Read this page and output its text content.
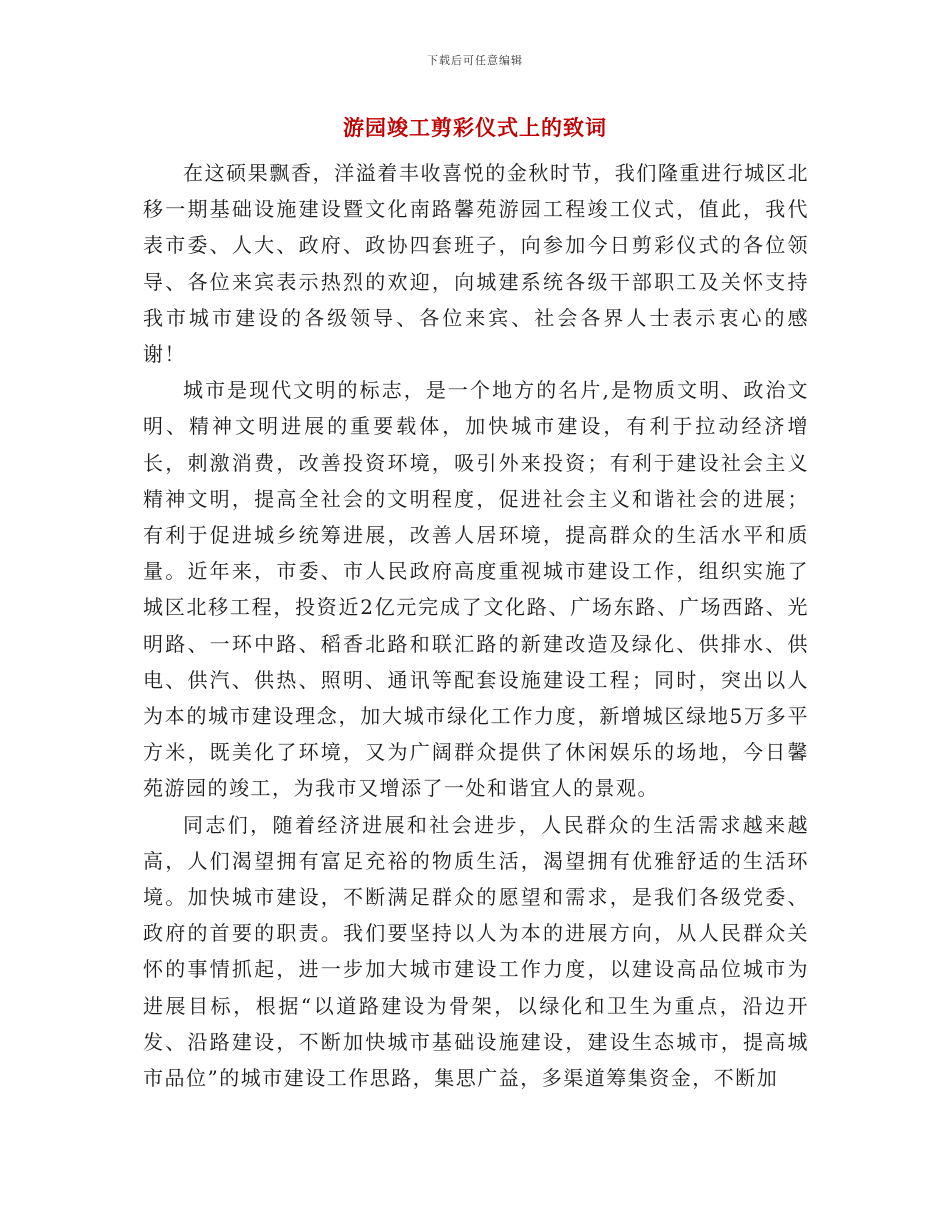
下载后可任意编辑
游园竣工剪彩仪式上的致词

在这硕果飘香，洋溢着丰收喜悦的金秋时节，我们隆重进行城区北移一期基础设施建设暨文化南路馨苑游园工程竣工仪式，值此，我代表市委、人大、政府、政协四套班子，向参加今日剪彩仪式的各位领导、各位来宾表示热烈的欢迎，向城建系统各级干部职工及关怀支持我市城市建设的各级领导、各位来宾、社会各界人士表示衷心的感谢！

城市是现代文明的标志，是一个地方的名片,是物质文明、政治文明、精神文明进展的重要载体，加快城市建设，有利于拉动经济增长，刺激消费，改善投资环境，吸引外来投资；有利于建设社会主义精神文明，提高全社会的文明程度，促进社会主义和谐社会的进展；有利于促进城乡统筹进展，改善人居环境，提高群众的生活水平和质量。近年来，市委、市人民政府高度重视城市建设工作，组织实施了城区北移工程，投资近2亿元完成了文化路、广场东路、广场西路、光明路、一环中路、稻香北路和联汇路的新建改造及绿化、供排水、供电、供汽、供热、照明、通讯等配套设施建设工程；同时，突出以人为本的城市建设理念，加大城市绿化工作力度，新增城区绿地5万多平方米，既美化了环境，又为广阔群众提供了休闲娱乐的场地，今日馨苑游园的竣工，为我市又增添了一处和谐宜人的景观。

同志们，随着经济进展和社会进步，人民群众的生活需求越来越高，人们渴望拥有富足充裕的物质生活，渴望拥有优雅舒适的生活环境。加快城市建设，不断满足群众的愿望和需求，是我们各级党委、政府的首要的职责。我们要坚持以人为本的进展方向，从人民群众关怀的事情抓起，进一步加大城市建设工作力度，以建设高品位城市为进展目标，根据“以道路建设为骨架，以绿化和卫生为重点，沿边开发、沿路建设，不断加快城市基础设施建设，建设生态城市，提高城市品位”的城市建设工作思路，集思广益，多渠道筹集资金，不断加
